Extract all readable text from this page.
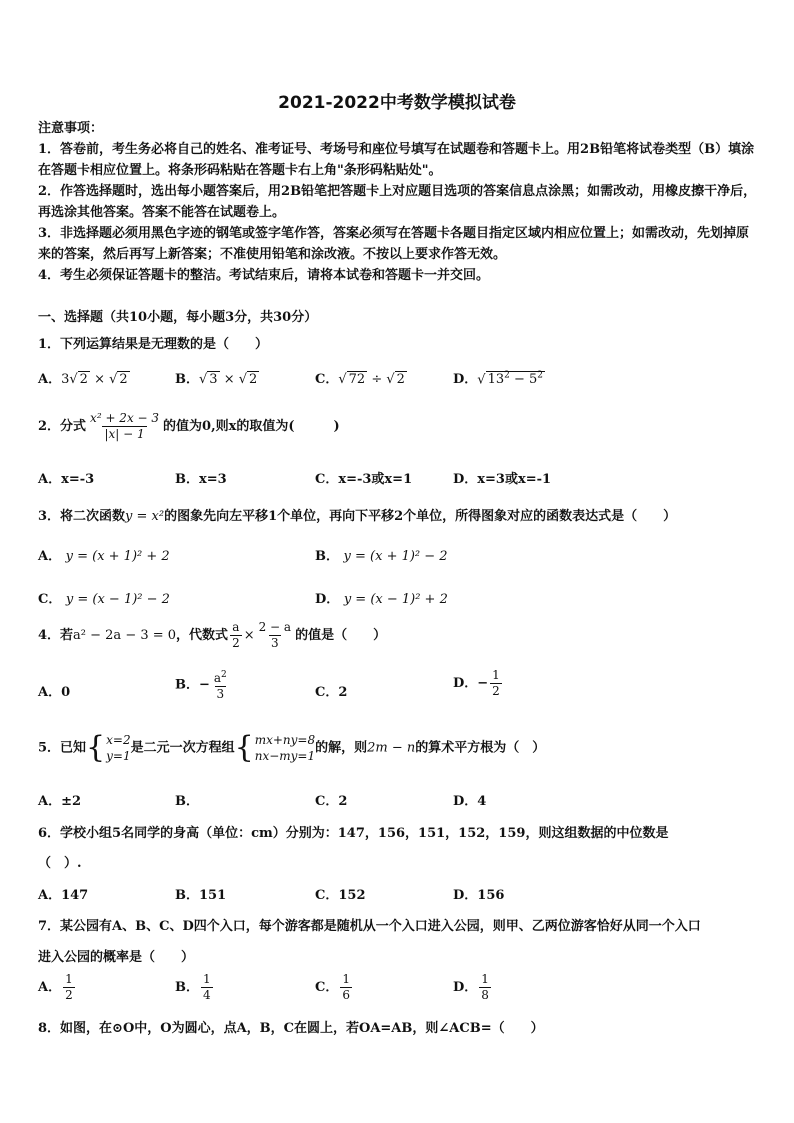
2021-2022中考数学模拟试卷

注意事项：

1．答卷前，考生务必将自己的姓名、准考证号、考场号和座位号填写在试题卷和答题卡上。用2B铅笔将试卷类型（B）填涂在答题卡相应位置上。将条形码粘贴在答题卡右上角"条形码粘贴处"。

2．作答选择题时，选出每小题答案后，用2B铅笔把答题卡上对应题目选项的答案信息点涂黑；如需改动，用橡皮擦干净后，再选涂其他答案。答案不能答在试题卷上。

3．非选择题必须用黑色字迹的钢笔或签字笔作答，答案必须写在答题卡各题目指定区域内相应位置上；如需改动，先划掉原来的答案，然后再写上新答案；不准使用铅笔和涂改液。不按以上要求作答无效。

4．考生必须保证答题卡的整洁。考试结束后，请将本试卷和答题卡一并交回。

一、选择题（共10小题，每小题3分，共30分）
1．下列运算结果是无理数的是（　　）
A．3√ 2 × √ 2	B．√ 3 × √ 2	C．√ 72 ÷ √ 2	D．√ $13^2 - 5^2$
2．分式 $\frac{\text{x² + 2x − 3}}{|x| - 1}$ 的值为0,则x的取值为(　　　)
A．x=-3	B．x=3	C．x=-3或x=1	D．x=3或x=-1
3．将二次函数y = x²的图象先向左平移1个单位，再向下平移2个单位，所得图象对应的函数表达式是（　　）
A． y = (x + 1)² + 2	B． y = (x + 1)² − 2
C． y = (x − 1)² − 2	D． y = (x − 1)² + 2
4．若a² − 2a − 3 = 0，代数式 $\frac{a}{2} \times \frac{2 - a}{3}$ 的值是（　　）
A．0	B．− $\frac{a^2}{3}$	C．2
D．− $\frac{1}{2}$
5．已知 { x=2
y=1
是二元一次方程组 { mx+ny=8
nx−my=1
的解，则2m − n的算术平方根为（　）
A．±2	B．	C．2	D．4
6．学校小组5名同学的身高（单位：cm）分别为：147，156，151，152，159，则这组数据的中位数是
（　）.
A．147	B．151	C．152	D．156
7．某公园有A、B、C、D四个入口，每个游客都是随机从一个入口进入公园，则甲、乙两位游客恰好从同一个入口
进入公园的概率是（　　）
A． $\frac{1}{2}$	B． $\frac{1}{4}$	C． $\frac{1}{6}$	D． $\frac{1}{8}$
8．如图，在⊙O中，O为圆心，点A，B，C在圆上，若OA=AB，则∠ACB=（　　）
